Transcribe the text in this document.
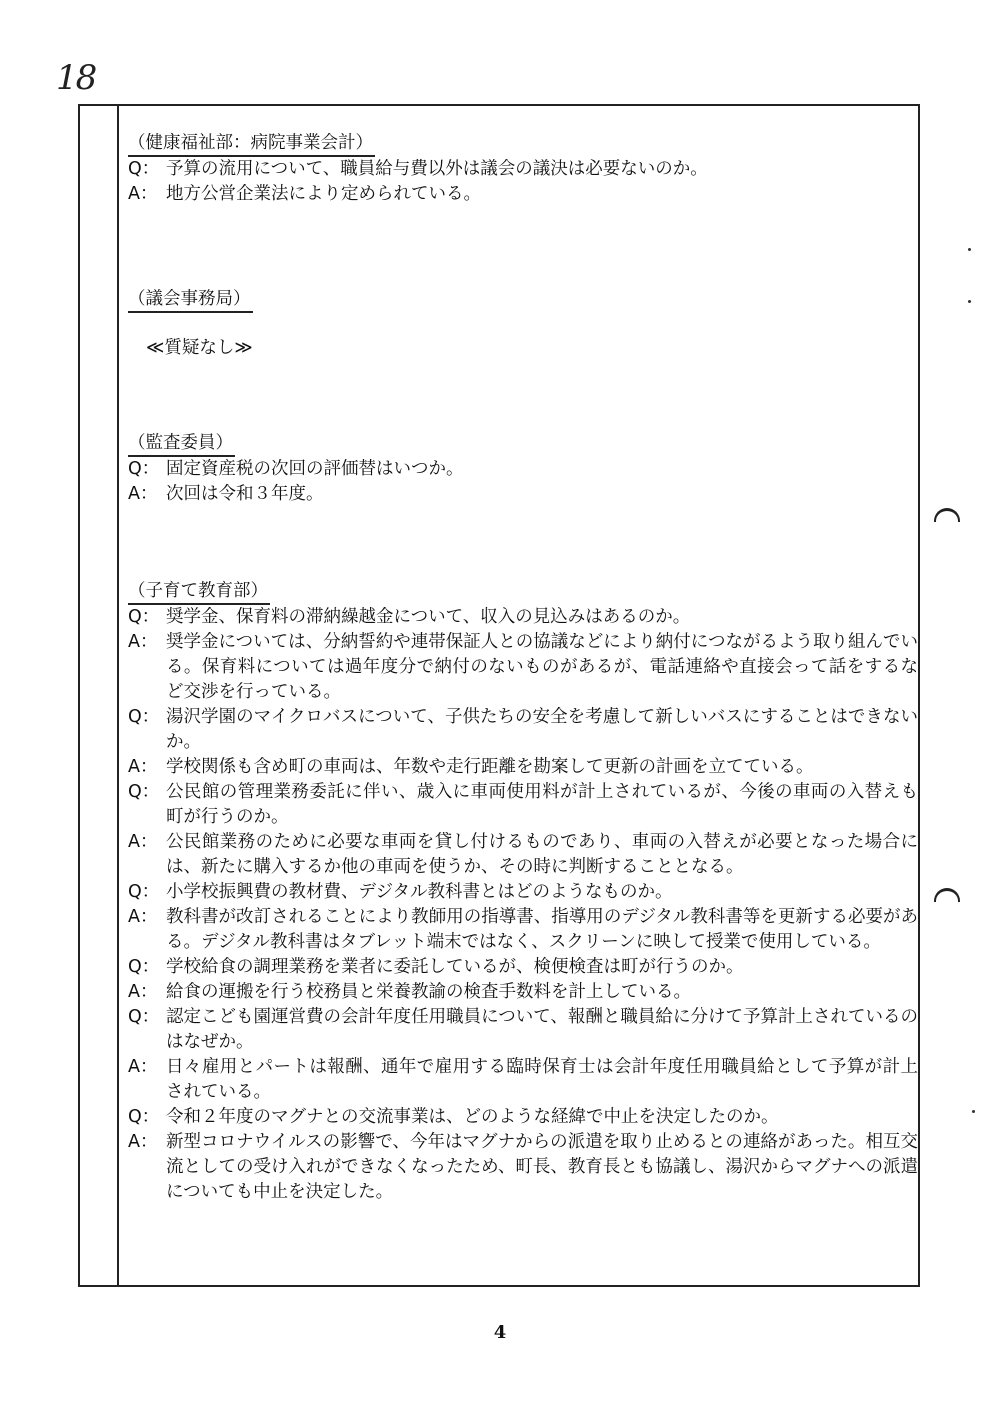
18
（健康福祉部：病院事業会計）
Q： 予算の流用について、職員給与費以外は議会の議決は必要ないのか。
A： 地方公営企業法により定められている。
（議会事務局）
≪質疑なし≫
（監査委員）
Q： 固定資産税の次回の評価替はいつか。
A： 次回は令和３年度。
（子育て教育部）
Q： 奨学金、保育料の滞納繰越金について、収入の見込みはあるのか。
A： 奨学金については、分納誓約や連帯保証人との協議などにより納付につながるよう取り組んでいる。保育料については過年度分で納付のないものがあるが、電話連絡や直接会って話をするなど交渉を行っている。
Q： 湯沢学園のマイクロバスについて、子供たちの安全を考慮して新しいバスにすることはできないか。
A： 学校関係も含め町の車両は、年数や走行距離を勘案して更新の計画を立てている。
Q： 公民館の管理業務委託に伴い、歳入に車両使用料が計上されているが、今後の車両の入替えも町が行うのか。
A： 公民館業務のために必要な車両を貸し付けるものであり、車両の入替えが必要となった場合には、新たに購入するか他の車両を使うか、その時に判断することとなる。
Q： 小学校振興費の教材費、デジタル教科書とはどのようなものか。
A： 教科書が改訂されることにより教師用の指導書、指導用のデジタル教科書等を更新する必要がある。デジタル教科書はタブレット端末ではなく、スクリーンに映して授業で使用している。
Q： 学校給食の調理業務を業者に委託しているが、検便検査は町が行うのか。
A： 給食の運搬を行う校務員と栄養教諭の検査手数料を計上している。
Q： 認定こども園運営費の会計年度任用職員について、報酬と職員給に分けて予算計上されているのはなぜか。
A： 日々雇用とパートは報酬、通年で雇用する臨時保育士は会計年度任用職員給として予算が計上されている。
Q： 令和２年度のマグナとの交流事業は、どのような経緯で中止を決定したのか。
A： 新型コロナウイルスの影響で、今年はマグナからの派遣を取り止めるとの連絡があった。相互交流としての受け入れができなくなったため、町長、教育長とも協議し、湯沢からマグナへの派遣についても中止を決定した。
4
